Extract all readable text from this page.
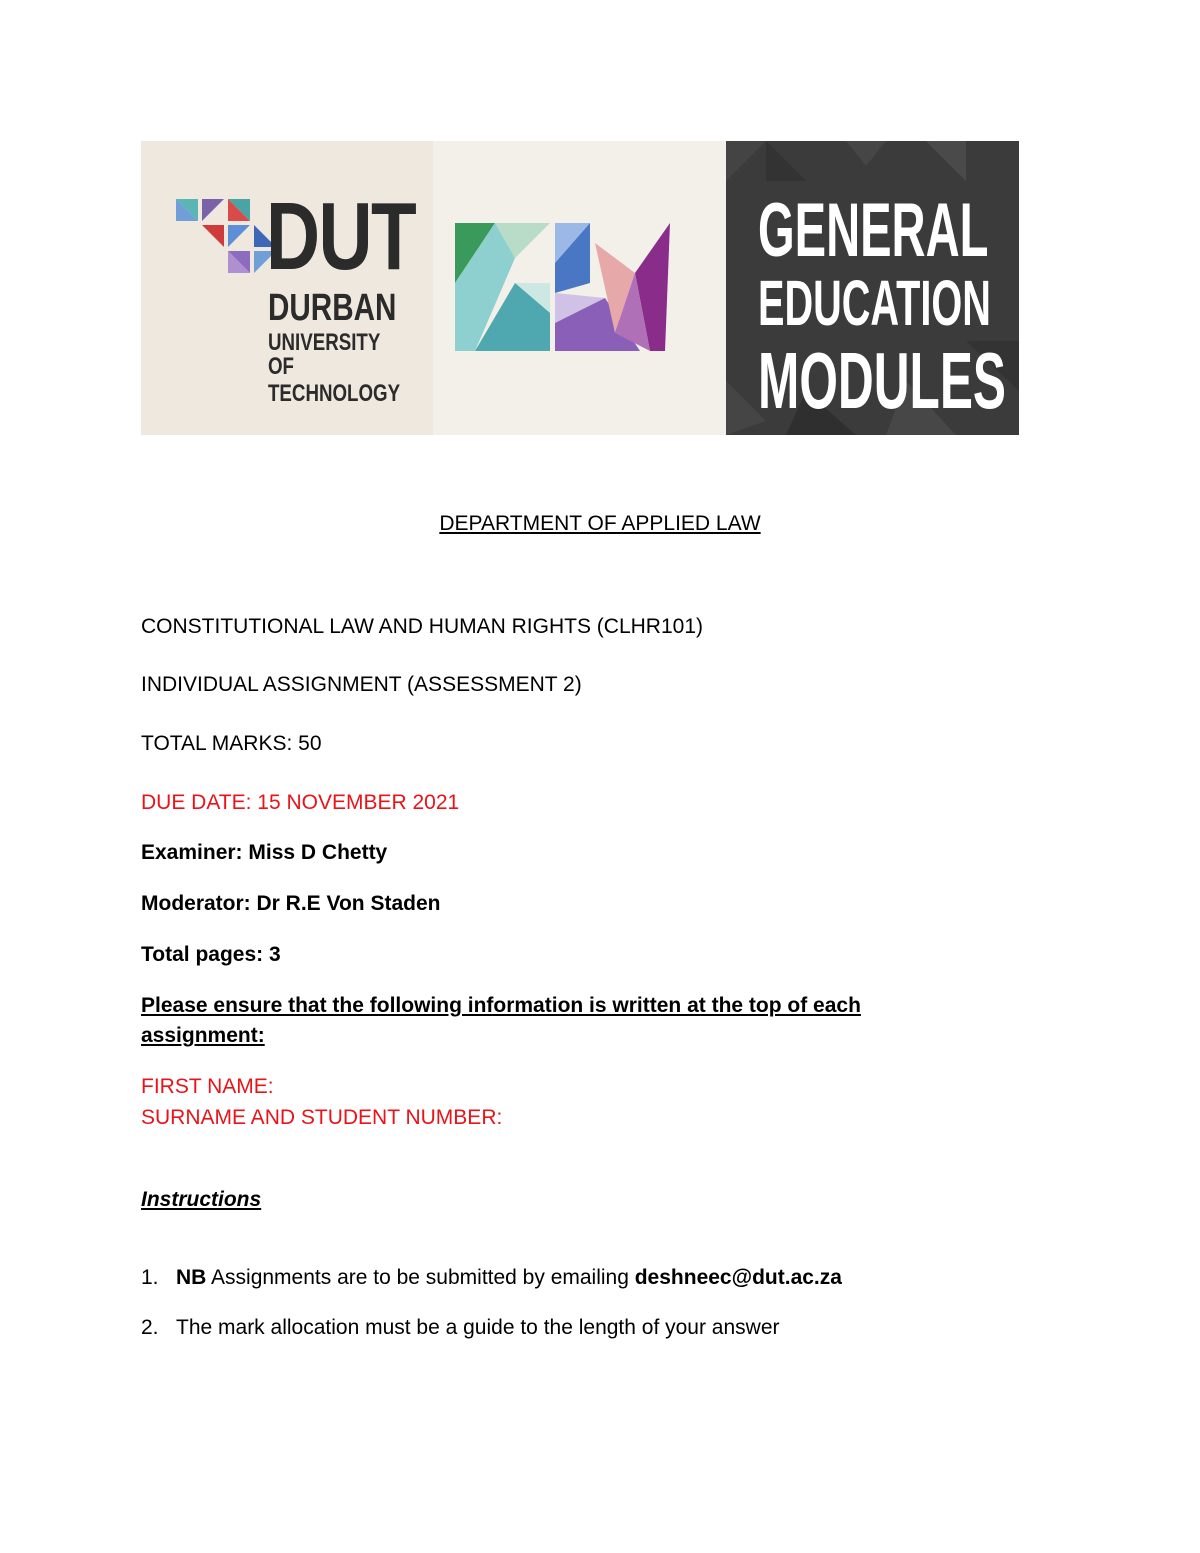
DUT
DURBAN
UNIVERSITY OF
TECHNOLOGY
GENERAL
EDUCATION
MODULES
DEPARTMENT OF APPLIED LAW
CONSTITUTIONAL LAW AND HUMAN RIGHTS (CLHR101)
INDIVIDUAL ASSIGNMENT (ASSESSMENT 2)
TOTAL MARKS: 50
DUE DATE: 15 NOVEMBER 2021
Examiner: Miss D Chetty
Moderator: Dr R.E Von Staden
Total pages: 3
Please ensure that the following information is written at the top of each
assignment:
FIRST NAME:
SURNAME AND STUDENT NUMBER:
Instructions
1. NB Assignments are to be submitted by emailing deshneec@dut.ac.za
2. The mark allocation must be a guide to the length of your answer
